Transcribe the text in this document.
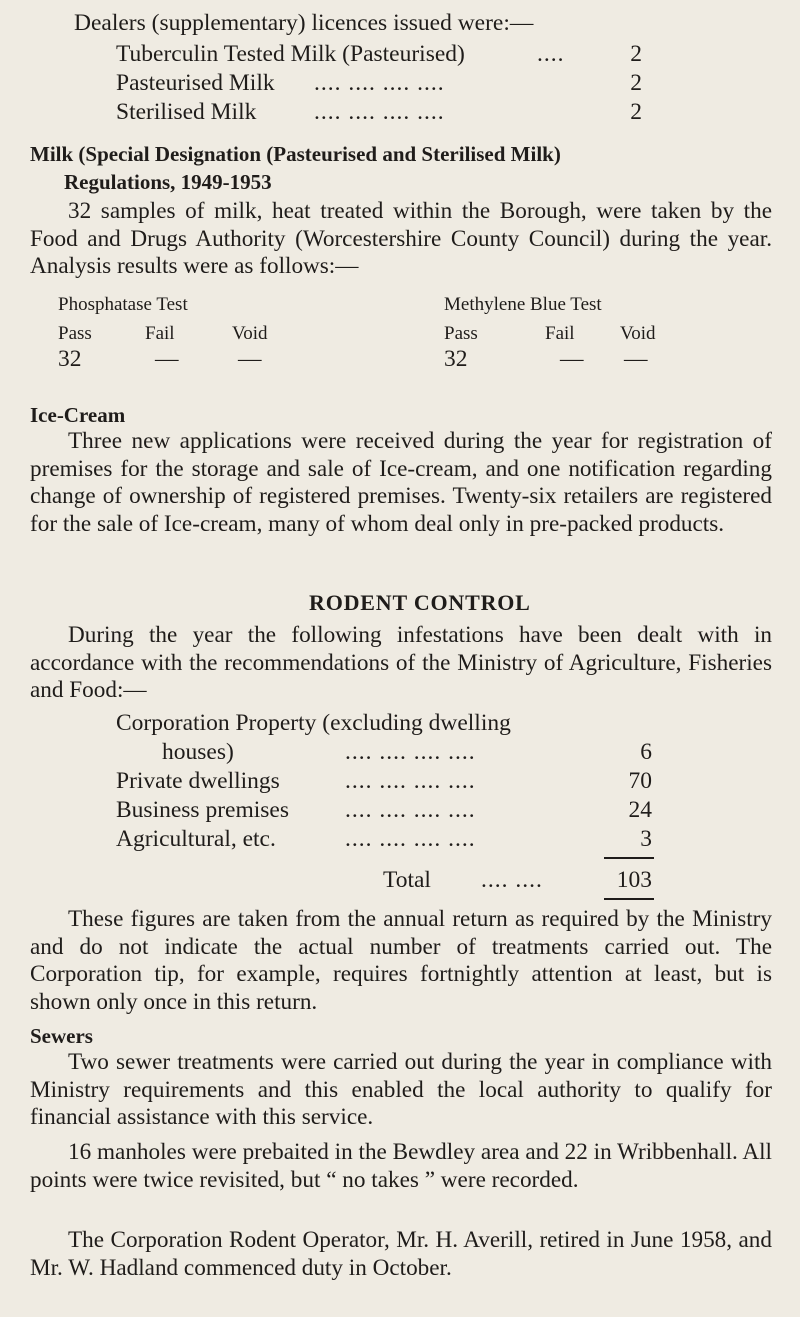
Dealers (supplementary) licences issued were:—
Tuberculin Tested Milk (Pasteurised)	....	2
Pasteurised Milk .... .... .... ....	2
Sterilised Milk .... .... .... ....	2
Milk (Special Designation (Pasteurised and Sterilised Milk)
Regulations, 1949-1953

32 samples of milk, heat treated within the Borough, were taken by the Food and Drugs Authority (Worcestershire County Council) during the year. Analysis results were as follows:—

Phosphatase Test
Pass	Fail	Void
32	—	—
Methylene Blue Test
Pass	Fail Void
32	— —
Ice-Cream

Three new applications were received during the year for registration of premises for the storage and sale of Ice-cream, and one notification regarding change of ownership of registered premises. Twenty-six retailers are registered for the sale of Ice-cream, many of whom deal only in pre-packed products.

RODENT CONTROL

During the year the following infestations have been dealt with in accordance with the recommendations of the Ministry of Agriculture, Fisheries and Food:—

Corporation Property (excluding dwelling
houses)	.... .... .... ....	6
Private dwellings	.... .... .... ....	70
Business premises .... .... .... ....	24
Agricultural, etc.	.... .... .... ....	3
Total .... ....	103

These figures are taken from the annual return as required by the Ministry and do not indicate the actual number of treatments carried out. The Corporation tip, for example, requires fortnightly attention at least, but is shown only once in this return.

Sewers

Two sewer treatments were carried out during the year in compliance with Ministry requirements and this enabled the local authority to qualify for financial assistance with this service.

16 manholes were prebaited in the Bewdley area and 22 in Wribbenhall. All points were twice revisited, but “ no takes ” were recorded.

The Corporation Rodent Operator, Mr. H. Averill, retired in June 1958, and Mr. W. Hadland commenced duty in October.
